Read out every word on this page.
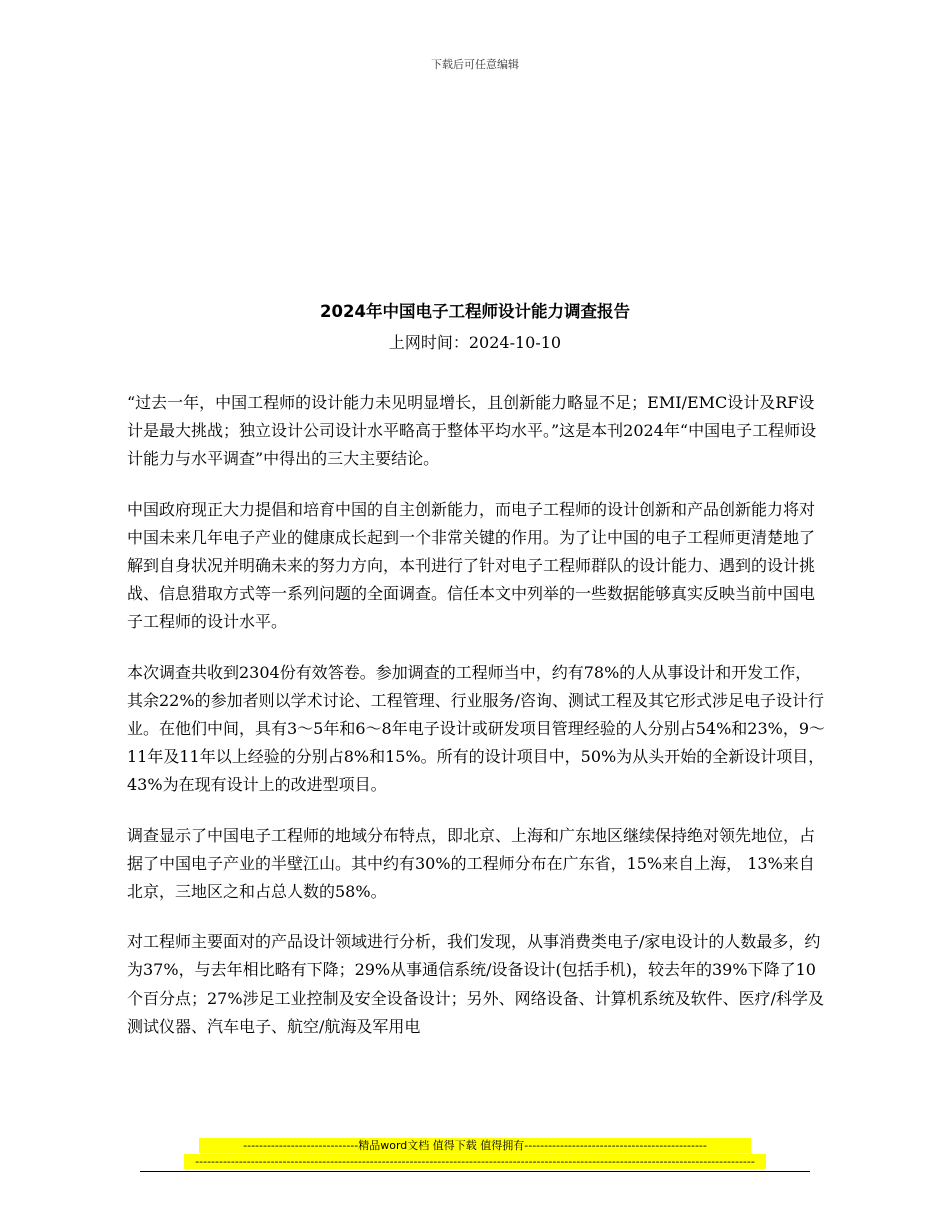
下载后可任意编辑
2024年中国电子工程师设计能力调查报告
上网时间：2024-10-10

“过去一年，中国工程师的设计能力未见明显增长，且创新能力略显不足；EMI/EMC设计及RF设计是最大挑战；独立设计公司设计水平略高于整体平均水平。”这是本刊2024年“中国电子工程师设计能力与水平调查”中得出的三大主要结论。

中国政府现正大力提倡和培育中国的自主创新能力，而电子工程师的设计创新和产品创新能力将对中国未来几年电子产业的健康成长起到一个非常关键的作用。为了让中国的电子工程师更清楚地了解到自身状况并明确未来的努力方向，本刊进行了针对电子工程师群队的设计能力、遇到的设计挑战、信息猎取方式等一系列问题的全面调查。信任本文中列举的一些数据能够真实反映当前中国电子工程师的设计水平。

本次调查共收到2304份有效答卷。参加调查的工程师当中，约有78%的人从事设计和开发工作，其余22%的参加者则以学术讨论、工程管理、行业服务/咨询、测试工程及其它形式涉足电子设计行业。在他们中间，具有3～5年和6～8年电子设计或研发项目管理经验的人分别占54%和23%，9～11年及11年以上经验的分别占8%和15%。所有的设计项目中，50%为从头开始的全新设计项目，43%为在现有设计上的改进型项目。

调查显示了中国电子工程师的地域分布特点，即北京、上海和广东地区继续保持绝对领先地位，占据了中国电子产业的半壁江山。其中约有30%的工程师分布在广东省，15%来自上海， 13%来自北京，三地区之和占总人数的58%。

对工程师主要面对的产品设计领域进行分析，我们发现，从事消费类电子/家电设计的人数最多，约为37%，与去年相比略有下降；29%从事通信系统/设备设计(包括手机)，较去年的39%下降了10个百分点；27%涉足工业控制及安全设备设计；另外、网络设备、计算机系统及软件、医疗/科学及测试仪器、汽车电子、航空/航海及军用电

-----------------------------精品word文档 值得下载 值得拥有----------------------------------------------
---------------------------------------------------------------------------------------------------------------------------------------------
